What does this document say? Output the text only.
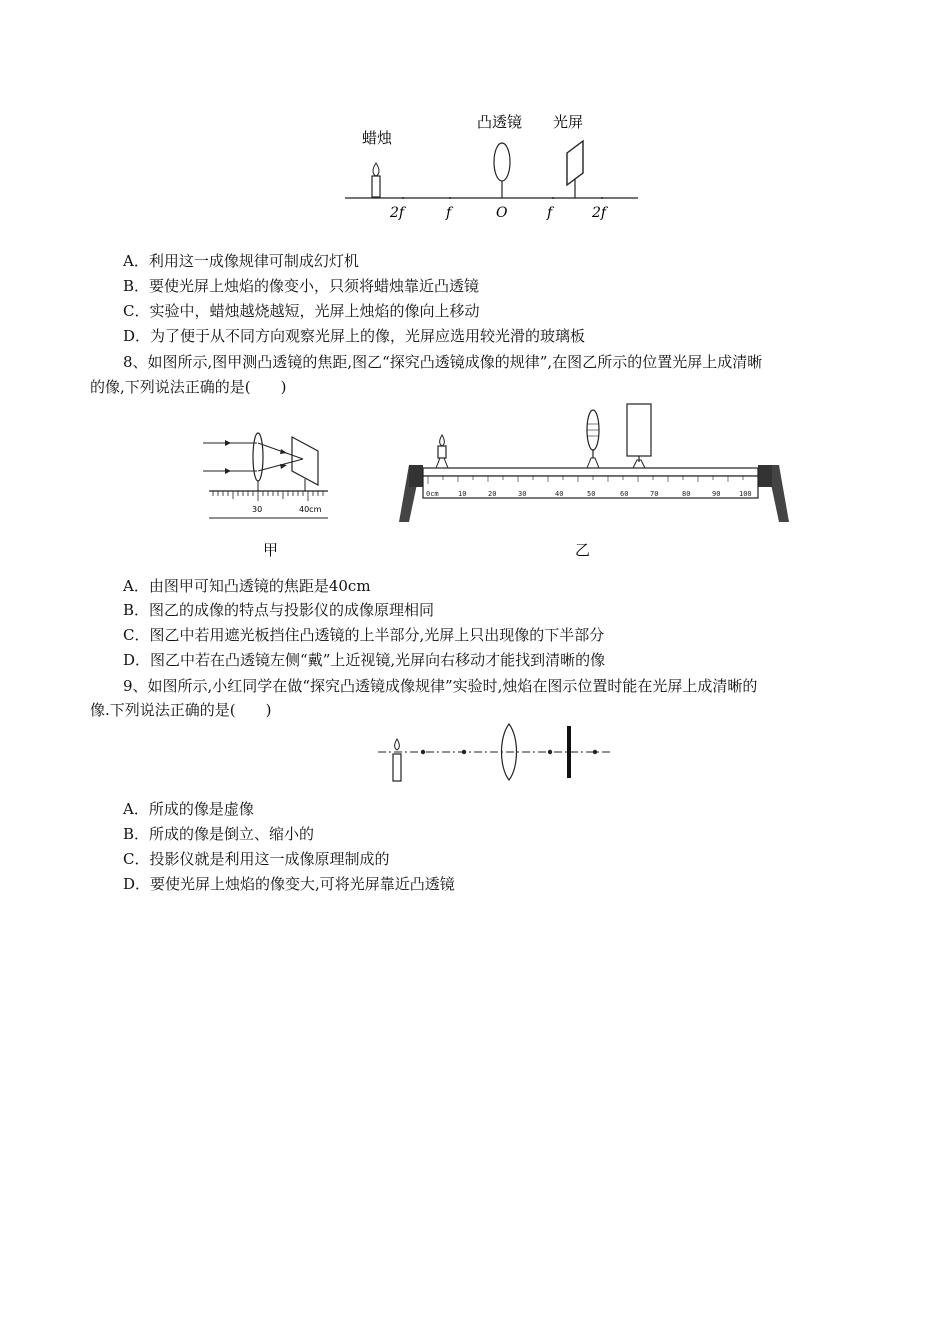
蜡烛
凸透镜 光屏
2f	f	O	f	2f
A．利用这一成像规律可制成幻灯机
B．要使光屏上烛焰的像变小，只须将蜡烛靠近凸透镜
C．实验中，蜡烛越烧越短，光屏上烛焰的像向上移动
D．为了便于从不同方向观察光屏上的像，光屏应选用较光滑的玻璃板
8、如图所示,图甲测凸透镜的焦距,图乙“探究凸透镜成像的规律”,在图乙所示的位置光屏上成清晰
的像,下列说法正确的是(　　)
30	40cm
甲
0cm	10	20	30	40	50	60	70	80	90	100
乙
A．由图甲可知凸透镜的焦距是40cm
B．图乙的成像的特点与投影仪的成像原理相同
C．图乙中若用遮光板挡住凸透镜的上半部分,光屏上只出现像的下半部分
D．图乙中若在凸透镜左侧“戴”上近视镜,光屏向右移动才能找到清晰的像
9、如图所示,小红同学在做“探究凸透镜成像规律”实验时,烛焰在图示位置时能在光屏上成清晰的
像.下列说法正确的是(　　)
A．所成的像是虚像
B．所成的像是倒立、缩小的
C．投影仪就是利用这一成像原理制成的
D．要使光屏上烛焰的像变大,可将光屏靠近凸透镜
